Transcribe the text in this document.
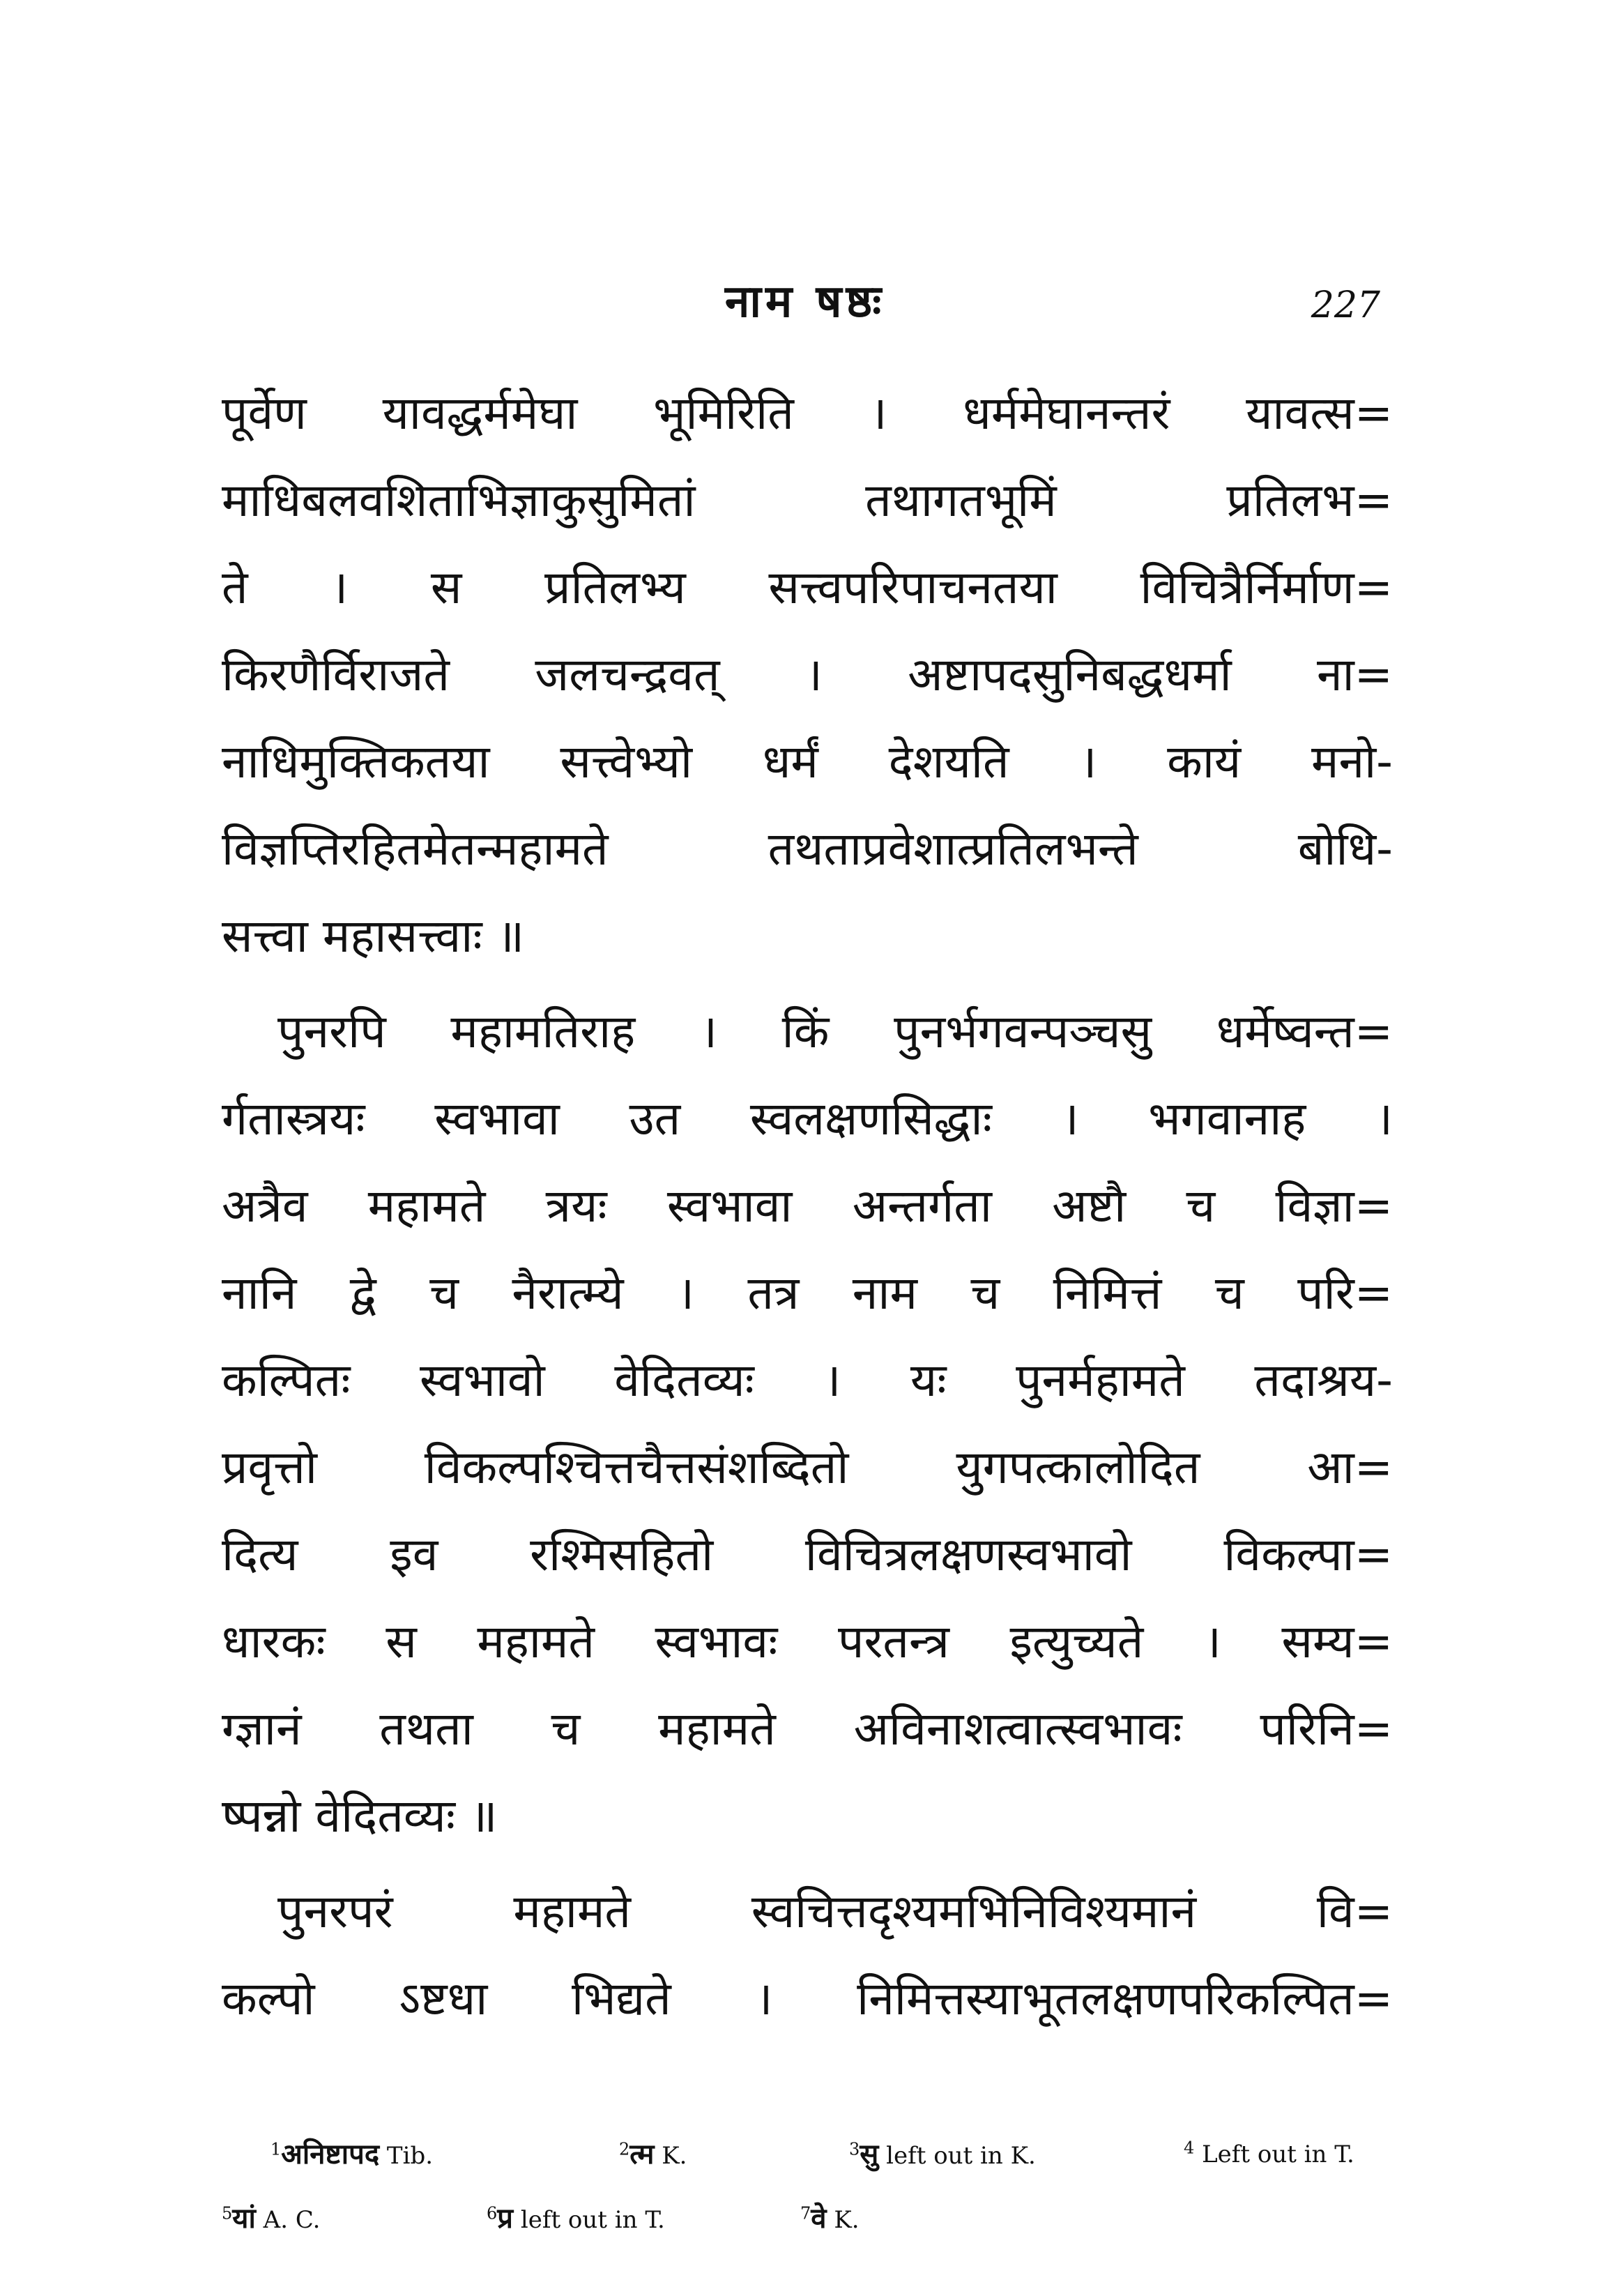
नाम षष्ठः	227
पूर्वेण यावद्धर्ममेघा भूमिरिति । धर्ममेघानन्तरं यावत्स=
माधिबलवशिताभिज्ञाकुसुमितां तथागतभूमिं प्रतिलभ=
ते । स प्रतिलभ्य सत्त्वपरिपाचनतया विचित्रैर्निर्माण=
किरणैर्विराजते जलचन्द्रवत् । अष्टापदसुनिबद्धधर्मा ना=
नाधिमुक्तिकतया सत्त्वेभ्यो धर्मं देशयति । कायं मनो-
विज्ञप्तिरहितमेतन्महामते तथताप्रवेशात्प्रतिलभन्ते बोधि-
सत्त्वा महासत्त्वाः ॥
पुनरपि महामतिराह । किं पुनर्भगवन्पञ्चसु धर्मेष्वन्त=
र्गतास्त्रयः स्वभावा उत स्वलक्षणसिद्धाः । भगवानाह ।
अत्रैव महामते त्रयः स्वभावा अन्तर्गता अष्टौ च विज्ञा=
नानि द्वे च नैरात्म्ये । तत्र नाम च निमित्तं च परि=
कल्पितः स्वभावो वेदितव्यः । यः पुनर्महामते तदाश्रय-
प्रवृत्तो विकल्पश्चित्तचैत्तसंशब्दितो युगपत्कालोदित आ=
दित्य इव रश्मिसहितो विचित्रलक्षणस्वभावो विकल्पा=
धारकः स महामते स्वभावः परतन्त्र इत्युच्यते । सम्य=
ग्ज्ञानं तथता च महामते अविनाशत्वात्स्वभावः परिनि=
ष्पन्नो वेदितव्यः ॥
पुनरपरं महामते स्वचित्तदृश्यमभिनिविश्यमानं वि=
कल्पो ऽष्टधा भिद्यते । निमित्तस्याभूतलक्षणपरिकल्पित=
$^1$अनिष्टापद Tib.	$^2$त्म K.	$^3$सु left out in K.	$^4$ Left out in T.
$^5$यां A. C.	$^6$प्र left out in T.	$^7$वे K.
